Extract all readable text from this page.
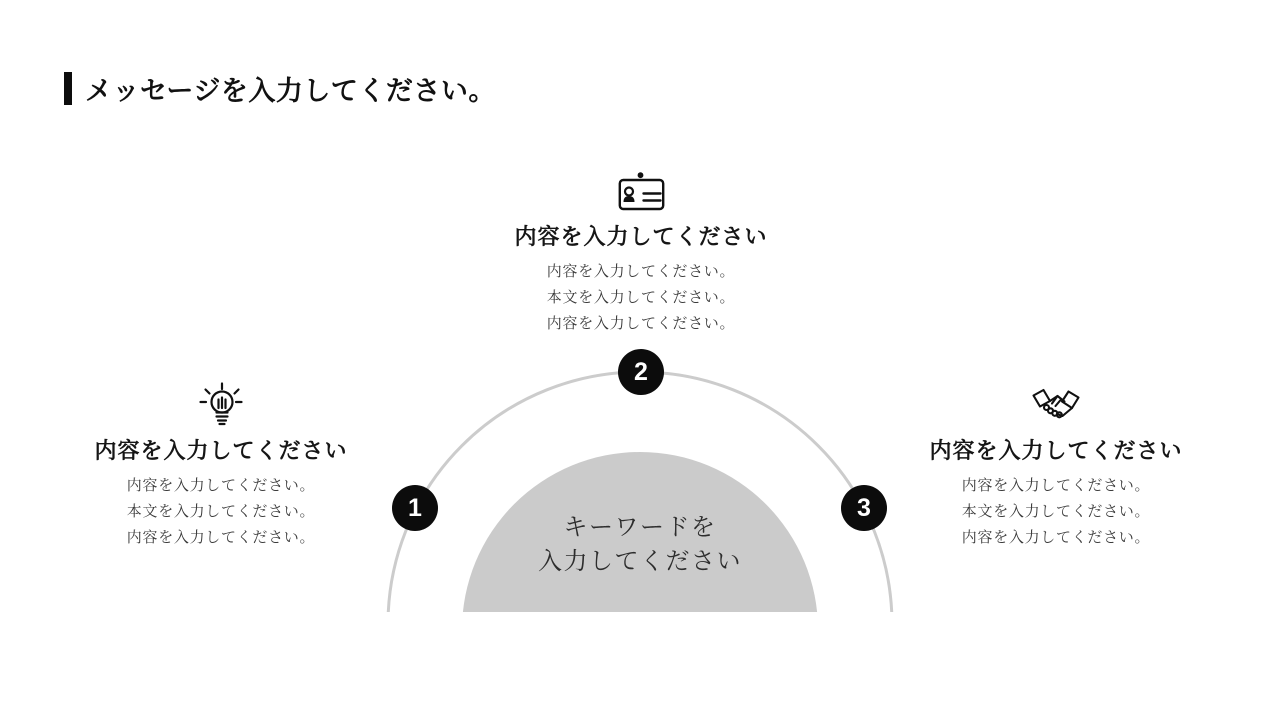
メッセージを入力してください。
キーワードを
入力してください
1
2
3
内容を入力してください
内容を入力してください。
本文を入力してください。
内容を入力してください。
内容を入力してください
内容を入力してください。
本文を入力してください。
内容を入力してください。
内容を入力してください
内容を入力してください。
本文を入力してください。
内容を入力してください。
